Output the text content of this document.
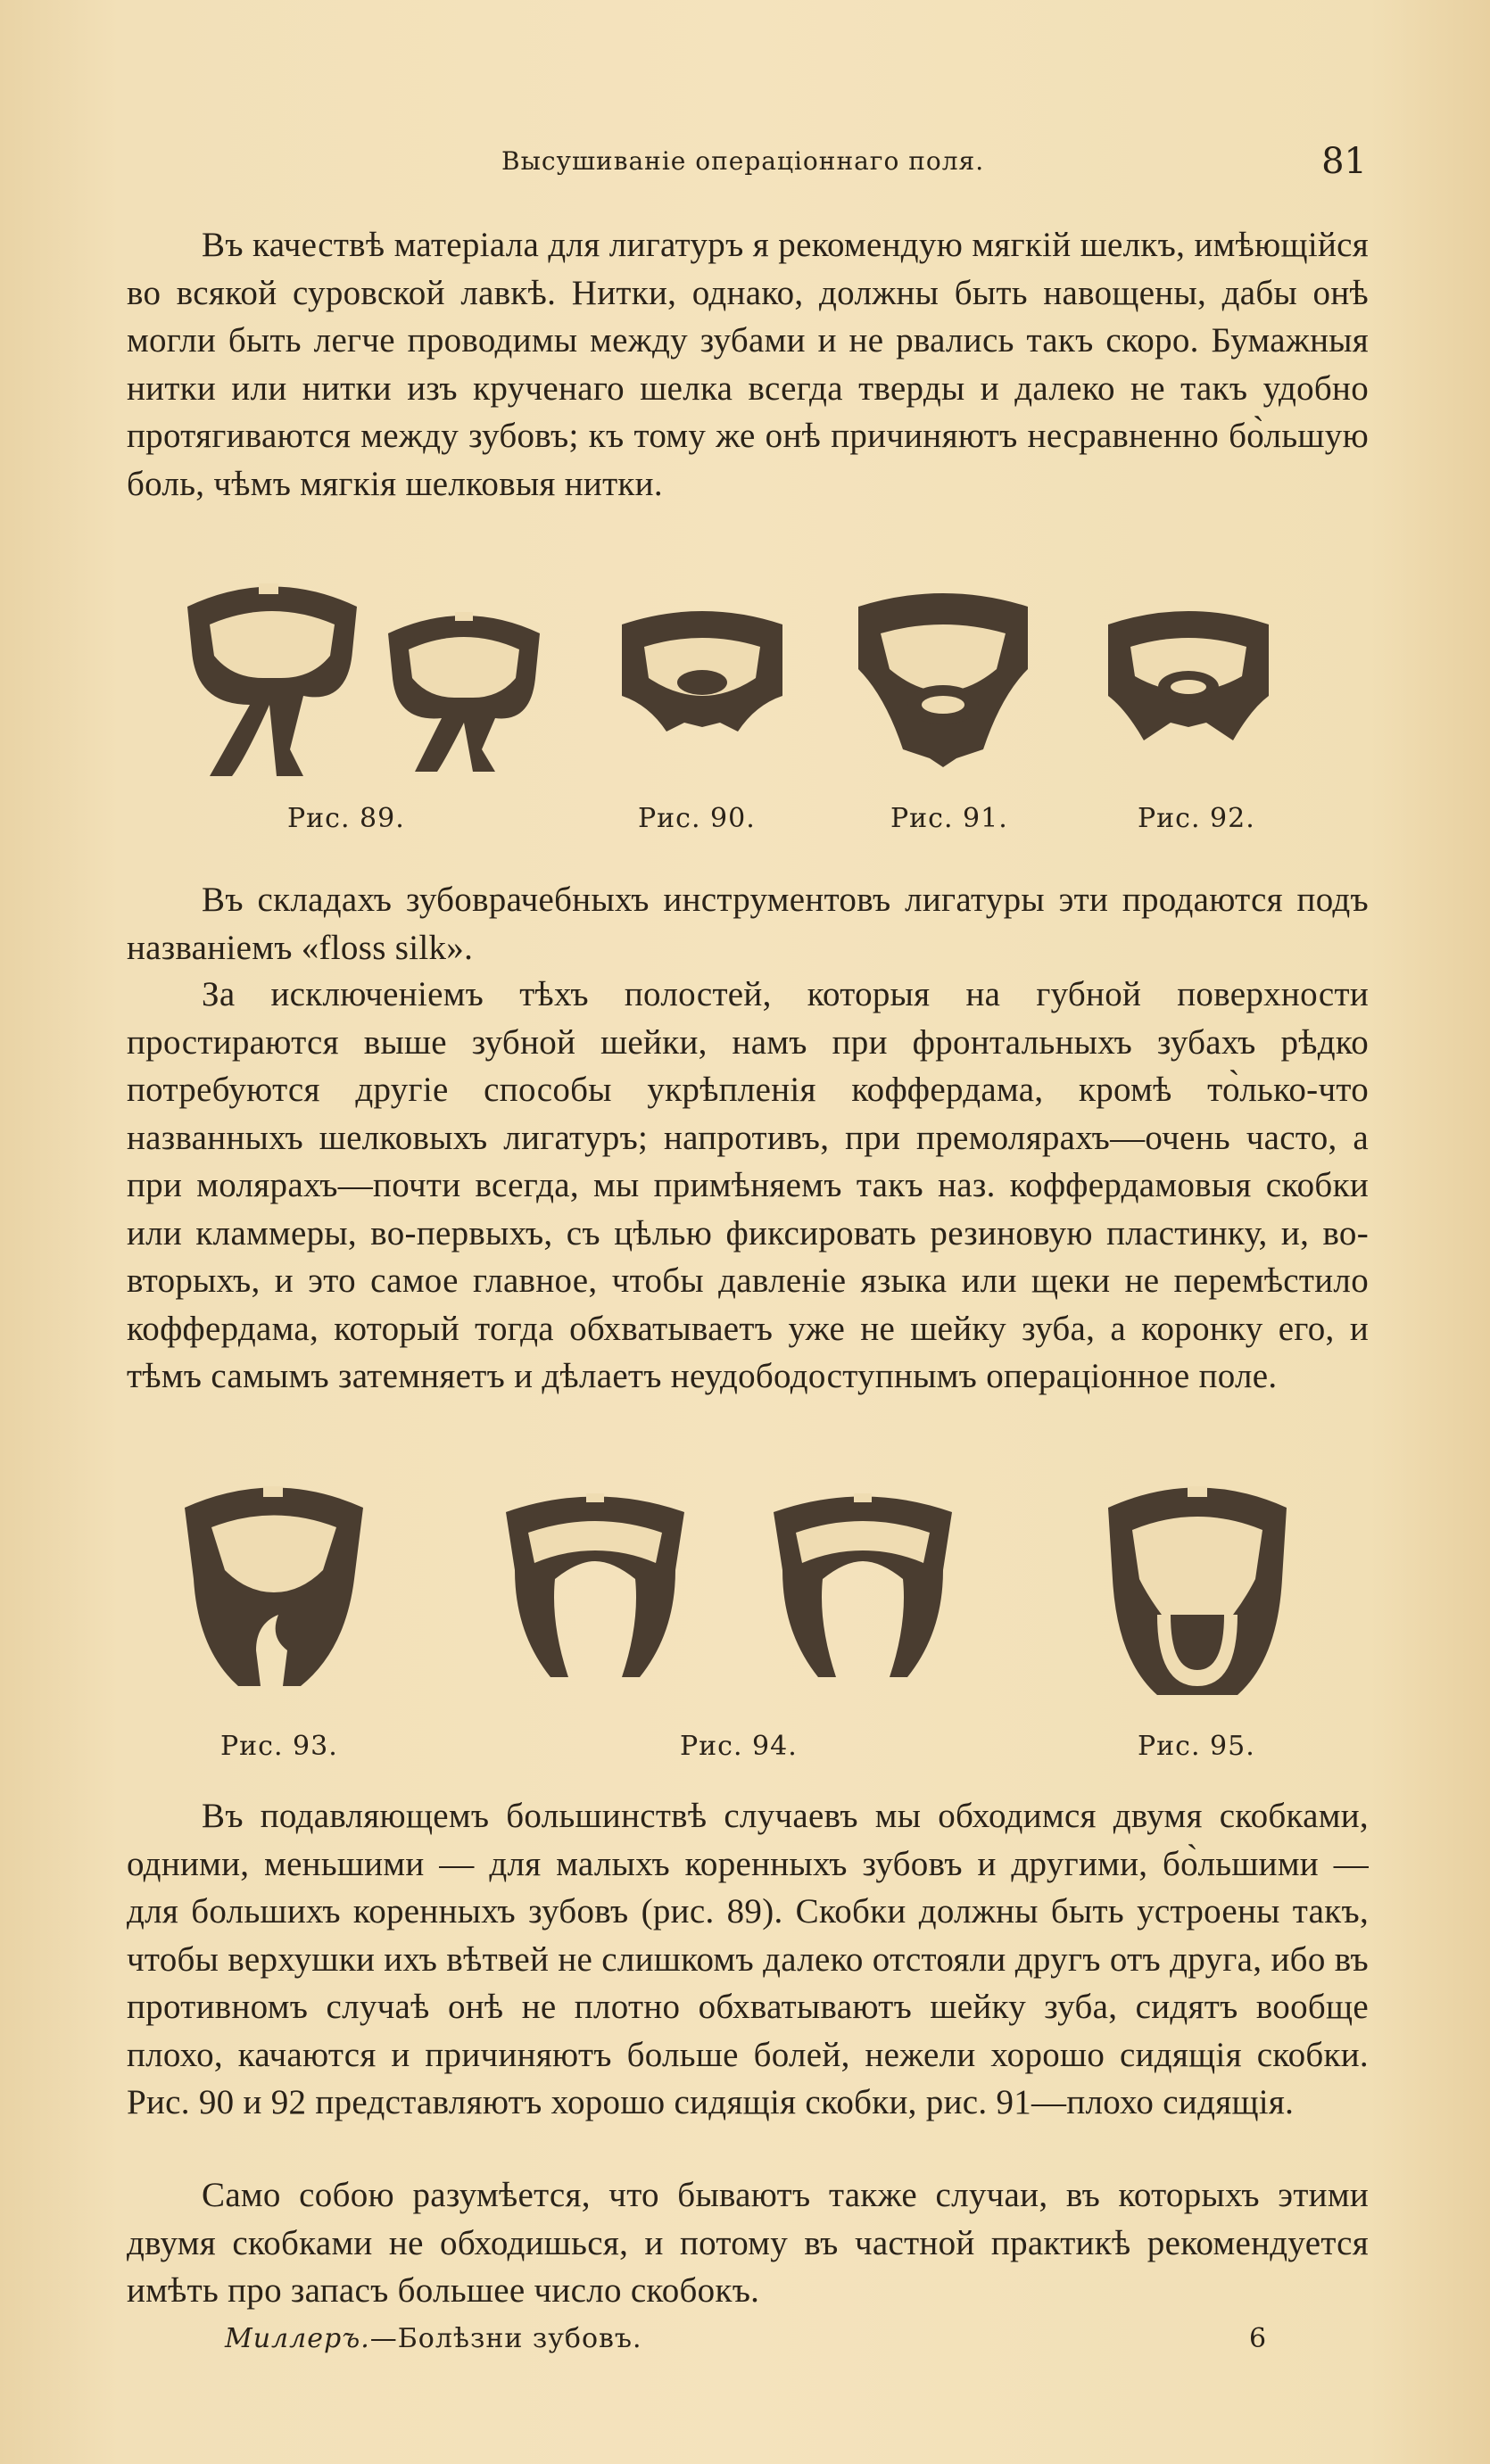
Высушиваніе операціоннаго поля.	81

Въ качествѣ матеріала для лигатуръ я рекомендую мягкій шелкъ, имѣющійся во всякой суровской лавкѣ. Нитки, однако, должны быть навощены, дабы онѣ могли быть легче проводимы между зубами и не рвались такъ скоро. Бумажныя нитки или нитки изъ крученаго шелка всегда тверды и далеко не такъ удобно протягиваются между зубовъ; къ тому же онѣ причиняютъ несравненно бо̀льшую боль, чѣмъ мягкія шелковыя нитки.

Рис. 89.	Рис. 90.	Рис. 91.	Рис. 92.

Въ складахъ зубоврачебныхъ инструментовъ лигатуры эти продаются подъ названіемъ «floss silk».

За исключеніемъ тѣхъ полостей, которыя на губной поверхности простираются выше зубной шейки, намъ при фронтальныхъ зубахъ рѣдко потребуются другіе способы укрѣпленія коффердама, кромѣ то̀лько-что названныхъ шелковыхъ лигатуръ; напротивъ, при премолярахъ—очень часто, а при молярахъ—почти всегда, мы примѣняемъ такъ наз. коффердамовыя скобки или кламмеры, во-первыхъ, съ цѣлью фиксировать резиновую пластинку, и, во-вторыхъ, и это самое главное, чтобы давленіе языка или щеки не перемѣстило коффердама, который тогда обхватываетъ уже не шейку зуба, а коронку его, и тѣмъ самымъ затемняетъ и дѣлаетъ неудободоступнымъ операціонное поле.

Рис. 93.	Рис. 94.	Рис. 95.

Въ подавляющемъ большинствѣ случаевъ мы обходимся двумя скобками, одними, меньшими — для малыхъ коренныхъ зубовъ и другими, бо̀льшими — для большихъ коренныхъ зубовъ (рис. 89). Скобки должны быть устроены такъ, чтобы верхушки ихъ вѣтвей не слишкомъ далеко отстояли другъ отъ друга, ибо въ противномъ случаѣ онѣ не плотно обхватываютъ шейку зуба, сидятъ вообще плохо, качаются и причиняютъ больше болей, нежели хорошо сидящія скобки. Рис. 90 и 92 представляютъ хорошо сидящія скобки, рис. 91—плохо сидящія.

Само собою разумѣется, что бываютъ также случаи, въ которыхъ этими двумя скобками не обходишься, и потому въ частной практикѣ рекомендуется имѣть про запасъ большее число скобокъ.

Миллеръ.—Болѣзни зубовъ.	6
